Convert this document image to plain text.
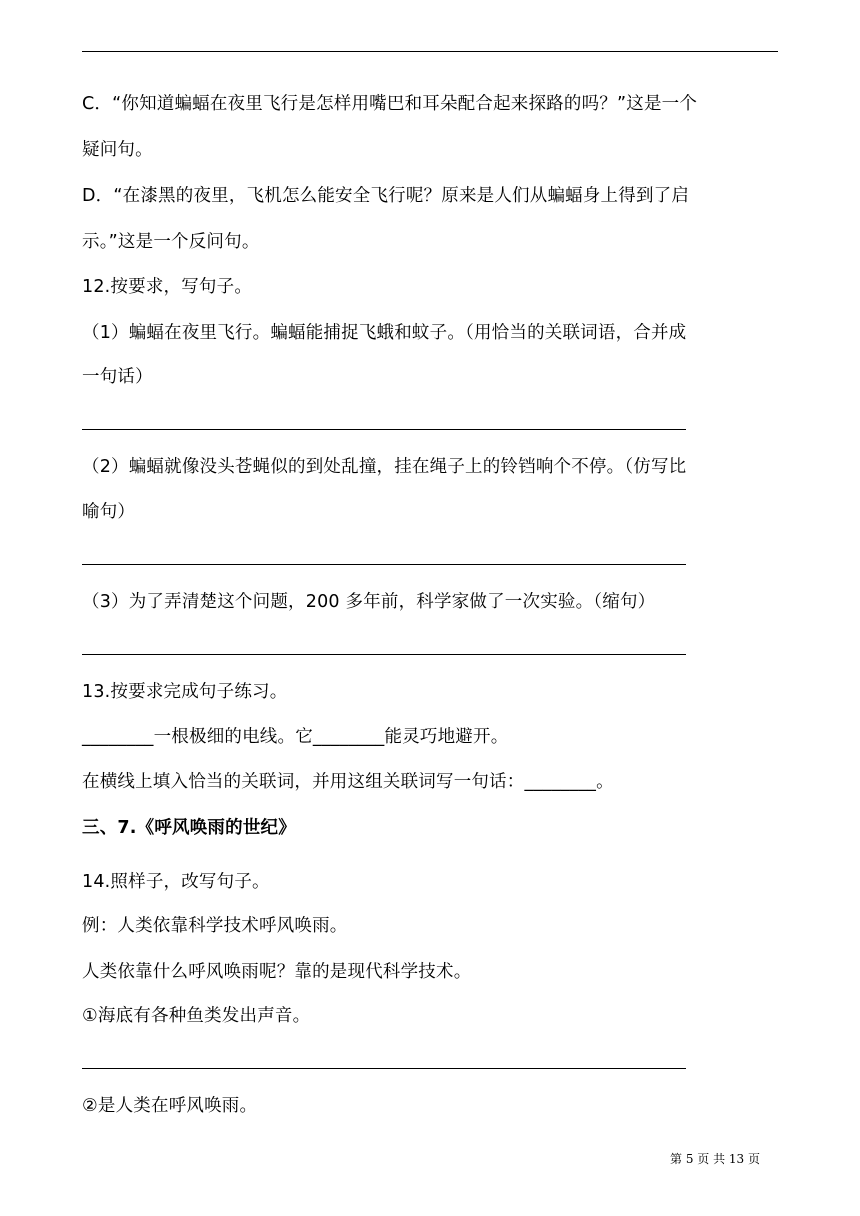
C．“你知道蝙蝠在夜里飞行是怎样用嘴巴和耳朵配合起来探路的吗？”这是一个
疑问句。
D．“在漆黑的夜里，飞机怎么能安全飞行呢？原来是人们从蝙蝠身上得到了启
示。”这是一个反问句。
12.按要求，写句子。
（1）蝙蝠在夜里飞行。蝙蝠能捕捉飞蛾和蚊子。（用恰当的关联词语，合并成
一句话）
（2）蝙蝠就像没头苍蝇似的到处乱撞，挂在绳子上的铃铛响个不停。（仿写比
喻句）
（3）为了弄清楚这个问题，200 多年前，科学家做了一次实验。（缩句）
13.按要求完成句子练习。
________一根极细的电线。它________能灵巧地避开。
在横线上填入恰当的关联词，并用这组关联词写一句话：________。
三、7.《呼风唤雨的世纪》
14.照样子，改写句子。
例：人类依靠科学技术呼风唤雨。
人类依靠什么呼风唤雨呢？靠的是现代科学技术。
①海底有各种鱼类发出声音。
②是人类在呼风唤雨。
第 5 页 共 13 页
